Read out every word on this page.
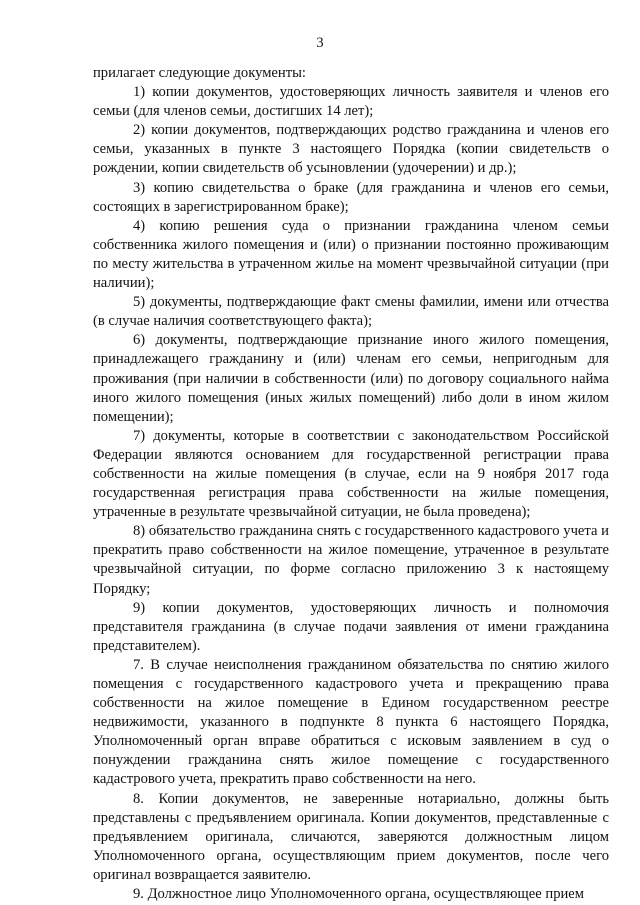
3

прилагает следующие документы:

1) копии документов, удостоверяющих личность заявителя и членов его семьи (для членов семьи, достигших 14 лет);

2) копии документов, подтверждающих родство гражданина и членов его семьи, указанных в пункте 3 настоящего Порядка (копии свидетельств о рождении, копии свидетельств об усыновлении (удочерении) и др.);

3) копию свидетельства о браке (для гражданина и членов его семьи, состоящих в зарегистрированном браке);

4) копию решения суда о признании гражданина членом семьи собственника жилого помещения и (или) о признании постоянно проживающим по месту жительства в утраченном жилье на момент чрезвычайной ситуации (при наличии);

5) документы, подтверждающие факт смены фамилии, имени или отчества (в случае наличия соответствующего факта);

6) документы, подтверждающие признание иного жилого помещения, принадлежащего гражданину и (или) членам его семьи, непригодным для проживания (при наличии в собственности (или) по договору социального найма иного жилого помещения (иных жилых помещений) либо доли в ином жилом помещении);

7) документы, которые в соответствии с законодательством Российской Федерации являются основанием для государственной регистрации права собственности на жилые помещения (в случае, если на 9 ноября 2017 года государственная регистрация права собственности на жилые помещения, утраченные в результате чрезвычайной ситуации, не была проведена);

8) обязательство гражданина снять с государственного кадастрового учета и прекратить право собственности на жилое помещение, утраченное в результате чрезвычайной ситуации, по форме согласно приложению 3 к настоящему Порядку;

9) копии документов, удостоверяющих личность и полномочия представителя гражданина (в случае подачи заявления от имени гражданина представителем).

7. В случае неисполнения гражданином обязательства по снятию жилого помещения с государственного кадастрового учета и прекращению права собственности на жилое помещение в Едином государственном реестре недвижимости, указанного в подпункте 8 пункта 6 настоящего Порядка, Уполномоченный орган вправе обратиться с исковым заявлением в суд о понуждении гражданина снять жилое помещение с государственного кадастрового учета, прекратить право собственности на него.

8. Копии документов, не заверенные нотариально, должны быть представлены с предъявлением оригинала. Копии документов, представленные с предъявлением оригинала, сличаются, заверяются должностным лицом Уполномоченного органа, осуществляющим прием документов, после чего оригинал возвращается заявителю.

9. Должностное лицо Уполномоченного органа, осуществляющее прием
